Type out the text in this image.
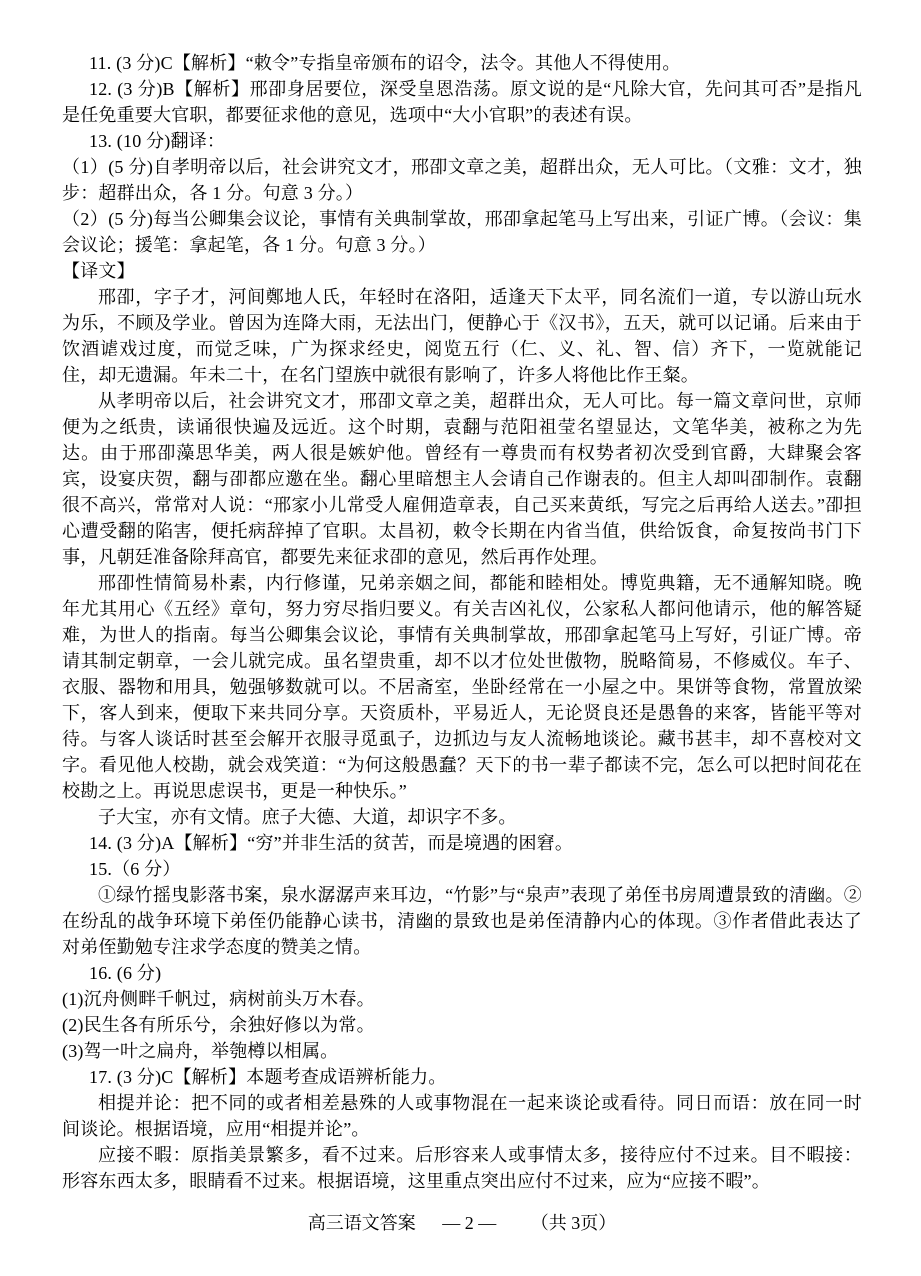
11. (3 分)C【解析】“敕令”专指皇帝颁布的诏令，法令。其他人不得使用。

12. (3 分)B【解析】邢卲身居要位，深受皇恩浩荡。原文说的是“凡除大官，先问其可否”是指凡是任免重要大官职，都要征求他的意见，选项中“大小官职”的表述有误。

13. (10 分)翻译：

（1）(5 分)自孝明帝以后，社会讲究文才，邢卲文章之美，超群出众，无人可比。（文雅：文才，独步：超群出众，各 1 分。句意 3 分。）

（2）(5 分)每当公卿集会议论，事情有关典制掌故，邢卲拿起笔马上写出来，引证广博。（会议：集会议论；援笔：拿起笔，各 1 分。句意 3 分。）

【译文】

邢卲，字子才，河间鄭地人氏，年轻时在洛阳，适逢天下太平，同名流们一道，专以游山玩水为乐，不顾及学业。曾因为连降大雨，无法出门，便静心于《汉书》，五天，就可以记诵。后来由于饮酒谑戏过度，而觉乏味，广为探求经史，阅览五行（仁、义、礼、智、信）齐下，一览就能记住，却无遗漏。年未二十，在名门望族中就很有影响了，许多人将他比作王粲。

从孝明帝以后，社会讲究文才，邢卲文章之美，超群出众，无人可比。每一篇文章问世，京师便为之纸贵，读诵很快遍及远近。这个时期，袁翻与范阳祖莹名望显达，文笔华美，被称之为先达。由于邢卲藻思华美，两人很是嫉妒他。曾经有一尊贵而有权势者初次受到官爵，大肆聚会客宾，设宴庆贺，翻与卲都应邀在坐。翻心里暗想主人会请自己作谢表的。但主人却叫卲制作。袁翻很不高兴，常常对人说：“邢家小儿常受人雇佣造章表，自己买来黄纸，写完之后再给人送去。”卲担心遭受翻的陷害，便托病辞掉了官职。太昌初，敕令长期在内省当值，供给饭食，命复按尚书门下事，凡朝廷准备除拜高官，都要先来征求卲的意见，然后再作处理。

邢卲性情简易朴素，内行修谨，兄弟亲姻之间，都能和睦相处。博览典籍，无不通解知晓。晚年尤其用心《五经》章句，努力穷尽指归要义。有关吉凶礼仪，公家私人都问他请示，他的解答疑难，为世人的指南。每当公卿集会议论，事情有关典制掌故，邢卲拿起笔马上写好，引证广博。帝请其制定朝章，一会儿就完成。虽名望贵重，却不以才位处世傲物，脱略简易，不修威仪。车子、衣服、器物和用具，勉强够数就可以。不居斋室，坐卧经常在一小屋之中。果饼等食物，常置放梁下，客人到来，便取下来共同分享。天资质朴，平易近人，无论贤良还是愚鲁的来客，皆能平等对待。与客人谈话时甚至会解开衣服寻觅虱子，边抓边与友人流畅地谈论。藏书甚丰，却不喜校对文字。看见他人校勘，就会戏笑道：“为何这般愚蠢？天下的书一辈子都读不完，怎么可以把时间花在校勘之上。再说思虑误书，更是一种快乐。”

子大宝，亦有文情。庶子大德、大道，却识字不多。

14. (3 分)A【解析】“穷”并非生活的贫苦，而是境遇的困窘。

15.（6 分）

①绿竹摇曳影落书案，泉水潺潺声来耳边，“竹影”与“泉声”表现了弟侄书房周遭景致的清幽。②在纷乱的战争环境下弟侄仍能静心读书，清幽的景致也是弟侄清静内心的体现。③作者借此表达了对弟侄勤勉专注求学态度的赞美之情。

16. (6 分)

(1)沉舟侧畔千帆过，病树前头万木春。

(2)民生各有所乐兮，余独好修以为常。

(3)驾一叶之扁舟，举匏樽以相属。

17. (3 分)C【解析】本题考查成语辨析能力。

相提并论：把不同的或者相差悬殊的人或事物混在一起来谈论或看待。同日而语：放在同一时间谈论。根据语境，应用“相提并论”。

应接不暇：原指美景繁多，看不过来。后形容来人或事情太多，接待应付不过来。目不暇接：形容东西太多，眼睛看不过来。根据语境，这里重点突出应付不过来，应为“应接不暇”。

高三语文答案 — 2 — （共 3页）
